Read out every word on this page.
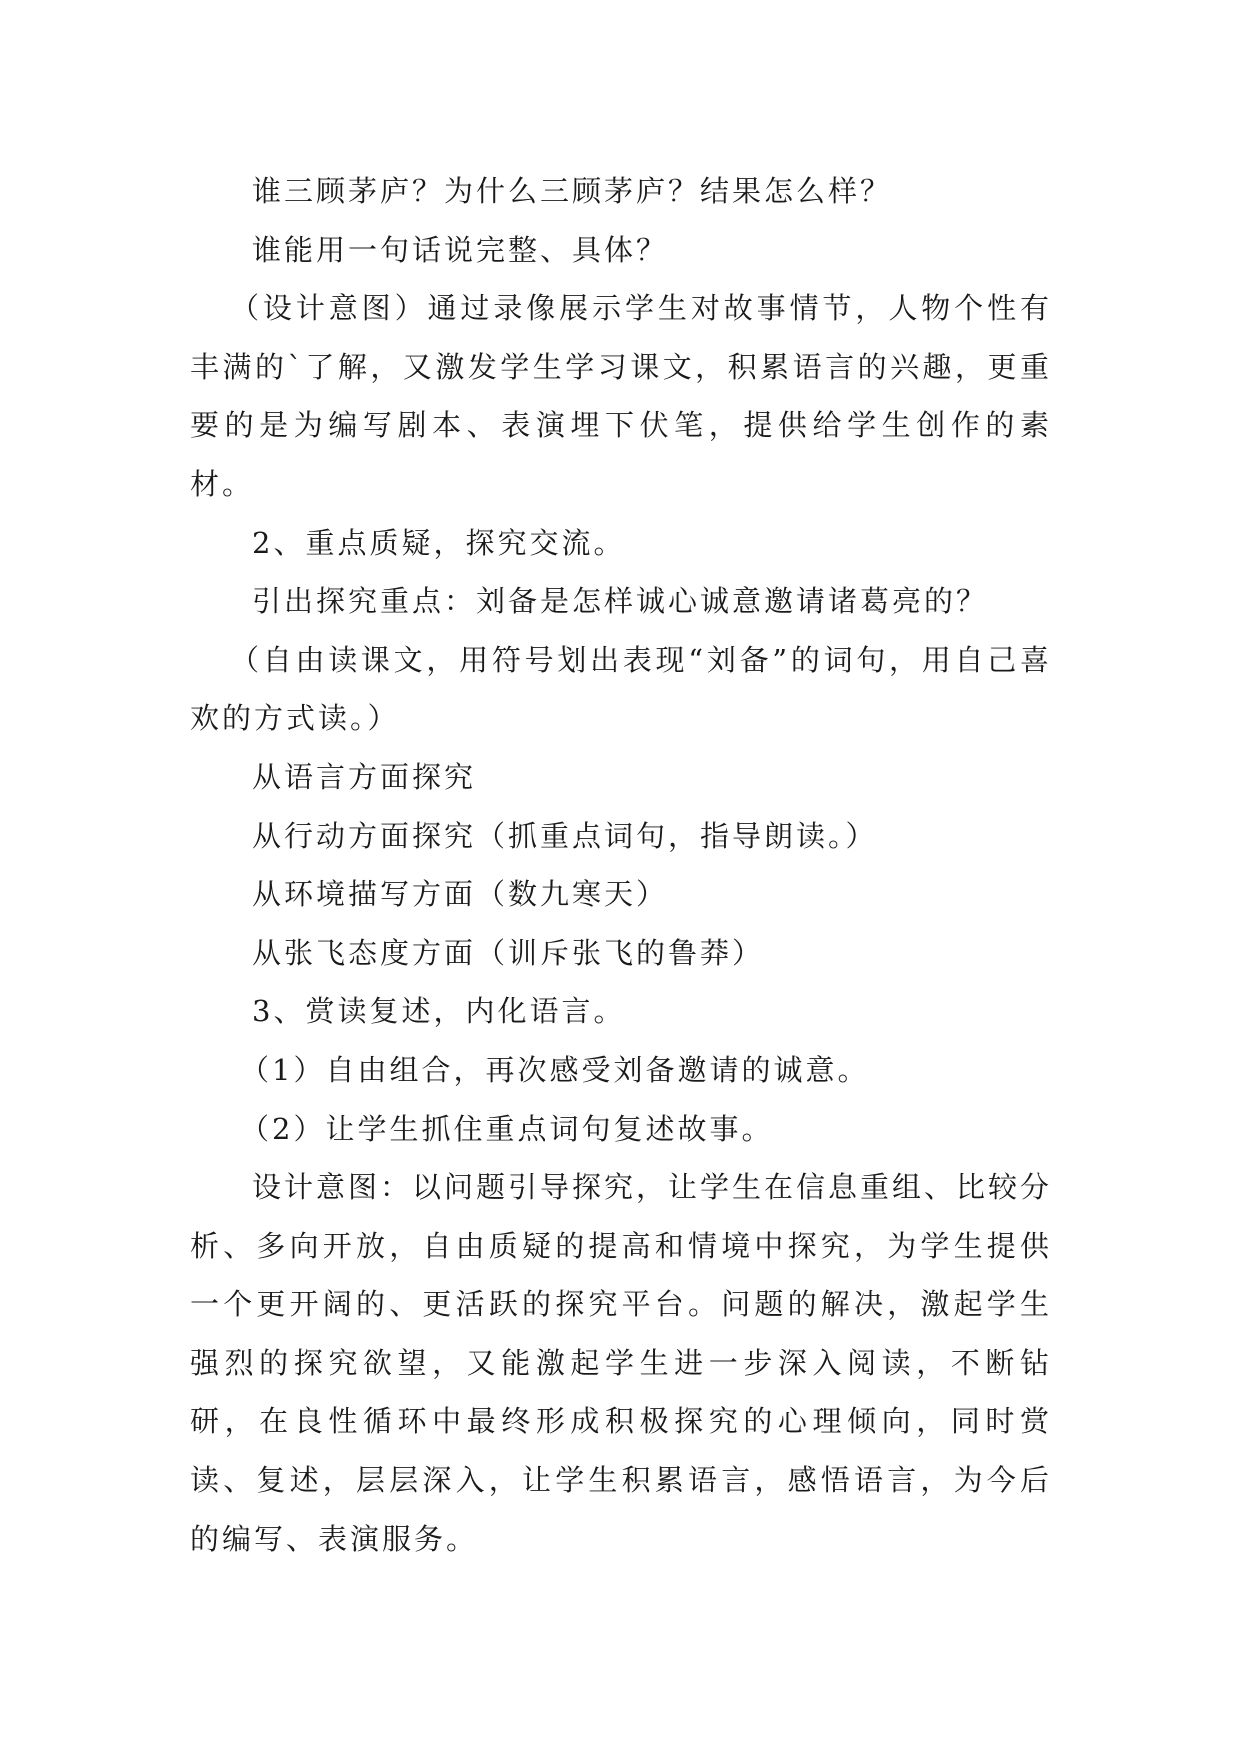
谁三顾茅庐？为什么三顾茅庐？结果怎么样？

谁能用一句话说完整、具体？

（设计意图）通过录像展示学生对故事情节，人物个性有丰满的`了解，又激发学生学习课文，积累语言的兴趣，更重要的是为编写剧本、表演埋下伏笔，提供给学生创作的素材。

2、重点质疑，探究交流。

引出探究重点：刘备是怎样诚心诚意邀请诸葛亮的？

（自由读课文，用符号划出表现“刘备”的词句，用自己喜欢的方式读。）

从语言方面探究

从行动方面探究（抓重点词句，指导朗读。）

从环境描写方面（数九寒天）

从张飞态度方面（训斥张飞的鲁莽）

3、赏读复述，内化语言。

（1）自由组合，再次感受刘备邀请的诚意。

（2）让学生抓住重点词句复述故事。

设计意图：以问题引导探究，让学生在信息重组、比较分析、多向开放，自由质疑的提高和情境中探究，为学生提供一个更开阔的、更活跃的探究平台。问题的解决，激起学生强烈的探究欲望，又能激起学生进一步深入阅读，不断钻研，在良性循环中最终形成积极探究的心理倾向，同时赏读、复述，层层深入，让学生积累语言，感悟语言，为今后的编写、表演服务。
